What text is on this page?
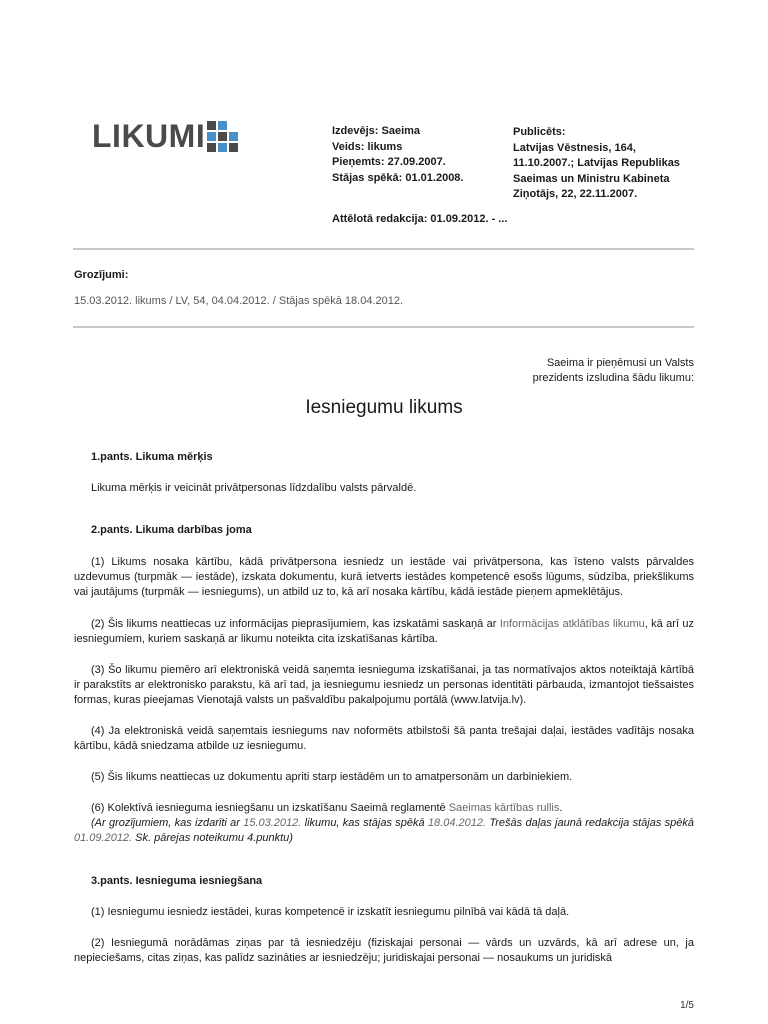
LIKUMI	Izdevējs: Saeima
Veids: likums
Pieņemts: 27.09.2007.
Stājas spēkā: 01.01.2008.
Attēlotā redakcija: 01.09.2012. - ...
Publicēts:
Latvijas Vēstnesis, 164,
11.10.2007.; Latvijas Republikas
Saeimas un Ministru Kabineta
Ziņotājs, 22, 22.11.2007.
Grozījumi:
15.03.2012. likums / LV, 54, 04.04.2012. / Stājas spēkā 18.04.2012.
Saeima ir pieņēmusi un Valsts
prezidents izsludina šādu likumu:
Iesniegumu likums
1.pants. Likuma mērķis

Likuma mērķis ir veicināt privātpersonas līdzdalību valsts pārvaldē.

2.pants. Likuma darbības joma

(1) Likums nosaka kārtību, kādā privātpersona iesniedz un iestāde vai privātpersona, kas īsteno valsts pārvaldes uzdevumus (turpmāk — iestāde), izskata dokumentu, kurā ietverts iestādes kompetencē esošs lūgums, sūdzība, priekšlikums vai jautājums (turpmāk — iesniegums), un atbild uz to, kā arī nosaka kārtību, kādā iestāde pieņem apmeklētājus.

(2) Šis likums neattiecas uz informācijas pieprasījumiem, kas izskatāmi saskaņā ar Informācijas atklātības likumu, kā arī uz iesniegumiem, kuriem saskaņā ar likumu noteikta cita izskatīšanas kārtība.

(3) Šo likumu piemēro arī elektroniskā veidā saņemta iesnieguma izskatīšanai, ja tas normatīvajos aktos noteiktajā kārtībā ir parakstīts ar elektronisko parakstu, kā arī tad, ja iesniegumu iesniedz un personas identitāti pārbauda, izmantojot tiešsaistes formas, kuras pieejamas Vienotajā valsts un pašvaldību pakalpojumu portālā (www.latvija.lv).

(4) Ja elektroniskā veidā saņemtais iesniegums nav noformēts atbilstoši šā panta trešajai daļai, iestādes vadītājs nosaka kārtību, kādā sniedzama atbilde uz iesniegumu.

(5) Šis likums neattiecas uz dokumentu apriti starp iestādēm un to amatpersonām un darbiniekiem.

(6) Kolektīvā iesnieguma iesniegšanu un izskatīšanu Saeimā reglamentē Saeimas kārtības rullis.

(Ar grozījumiem, kas izdarīti ar 15.03.2012. likumu, kas stājas spēkā 18.04.2012. Trešās daļas jaunā redakcija stājas spēkā 01.09.2012. Sk. pārejas noteikumu 4.punktu)

3.pants. Iesnieguma iesniegšana

(1) Iesniegumu iesniedz iestādei, kuras kompetencē ir izskatīt iesniegumu pilnībā vai kādā tā daļā.

(2) Iesniegumā norādāmas ziņas par tā iesniedzēju (fiziskajai personai — vārds un uzvārds, kā arī adrese un, ja nepieciešams, citas ziņas, kas palīdz sazināties ar iesniedzēju; juridiskajai personai — nosaukums un juridiskā

1/5
